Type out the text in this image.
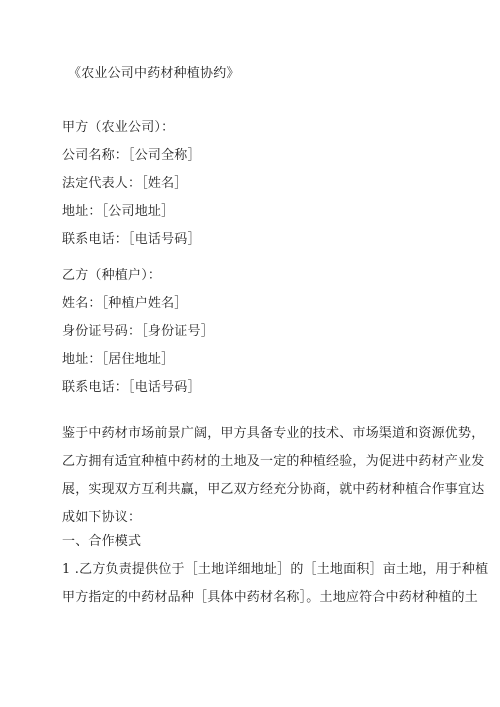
《农业公司中药材种植协约》
甲方（农业公司）：
公司名称：［公司全称］
法定代表人：［姓名］
地址：［公司地址］
联系电话：［电话号码］
乙方（种植户）：
姓名：［种植户姓名］
身份证号码：［身份证号］
地址：［居住地址］
联系电话：［电话号码］
鉴于中药材市场前景广阔，甲方具备专业的技术、市场渠道和资源优势，
乙方拥有适宜种植中药材的土地及一定的种植经验，为促进中药材产业发
展，实现双方互利共赢，甲乙双方经充分协商，就中药材种植合作事宜达
成如下协议：
一、合作模式
1 .乙方负责提供位于［土地详细地址］的［土地面积］亩土地，用于种植
甲方指定的中药材品种［具体中药材名称］。土地应符合中药材种植的土
